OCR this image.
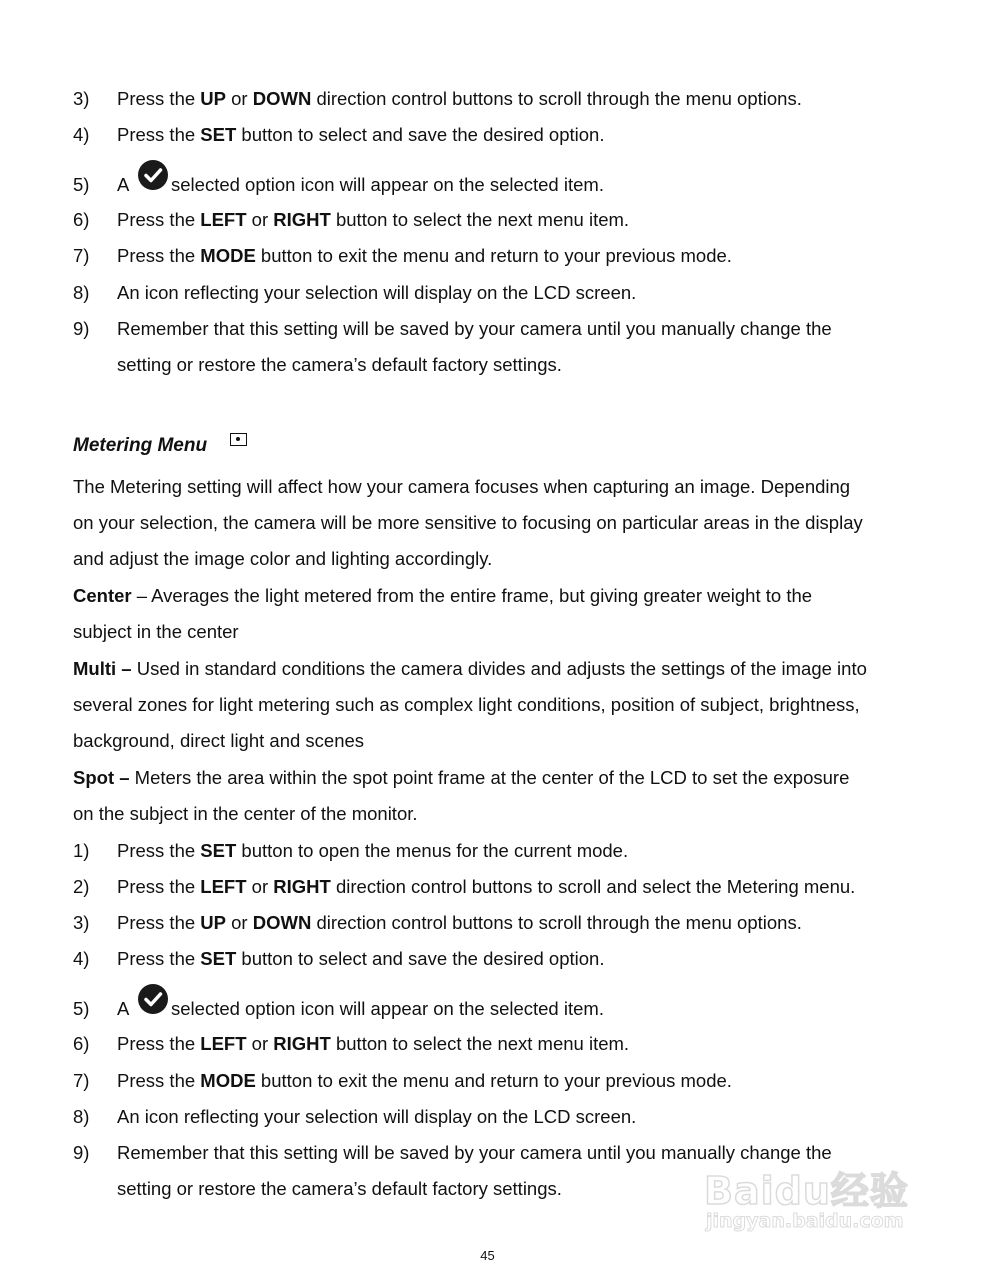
3) Press the UP or DOWN direction control buttons to scroll through the menu options.
4) Press the SET button to select and save the desired option.
5) A selected option icon will appear on the selected item.
6) Press the LEFT or RIGHT button to select the next menu item.
7) Press the MODE button to exit the menu and return to your previous mode.
8) An icon reflecting your selection will display on the LCD screen.
9) Remember that this setting will be saved by your camera until you manually change the
setting or restore the camera’s default factory settings.
Metering Menu
The Metering setting will affect how your camera focuses when capturing an image. Depending
on your selection, the camera will be more sensitive to focusing on particular areas in the display
and adjust the image color and lighting accordingly.
Center – Averages the light metered from the entire frame, but giving greater weight to the
subject in the center
Multi – Used in standard conditions the camera divides and adjusts the settings of the image into
several zones for light metering such as complex light conditions, position of subject, brightness,
background, direct light and scenes
Spot – Meters the area within the spot point frame at the center of the LCD to set the exposure
on the subject in the center of the monitor.
1) Press the SET button to open the menus for the current mode.
2) Press the LEFT or RIGHT direction control buttons to scroll and select the Metering menu.
3) Press the UP or DOWN direction control buttons to scroll through the menu options.
4) Press the SET button to select and save the desired option.
5) A selected option icon will appear on the selected item.
6) Press the LEFT or RIGHT button to select the next menu item.
7) Press the MODE button to exit the menu and return to your previous mode.
8) An icon reflecting your selection will display on the LCD screen.
9) Remember that this setting will be saved by your camera until you manually change the
setting or restore the camera’s default factory settings.	Baidu经验
jingyan.baidu.com
45
